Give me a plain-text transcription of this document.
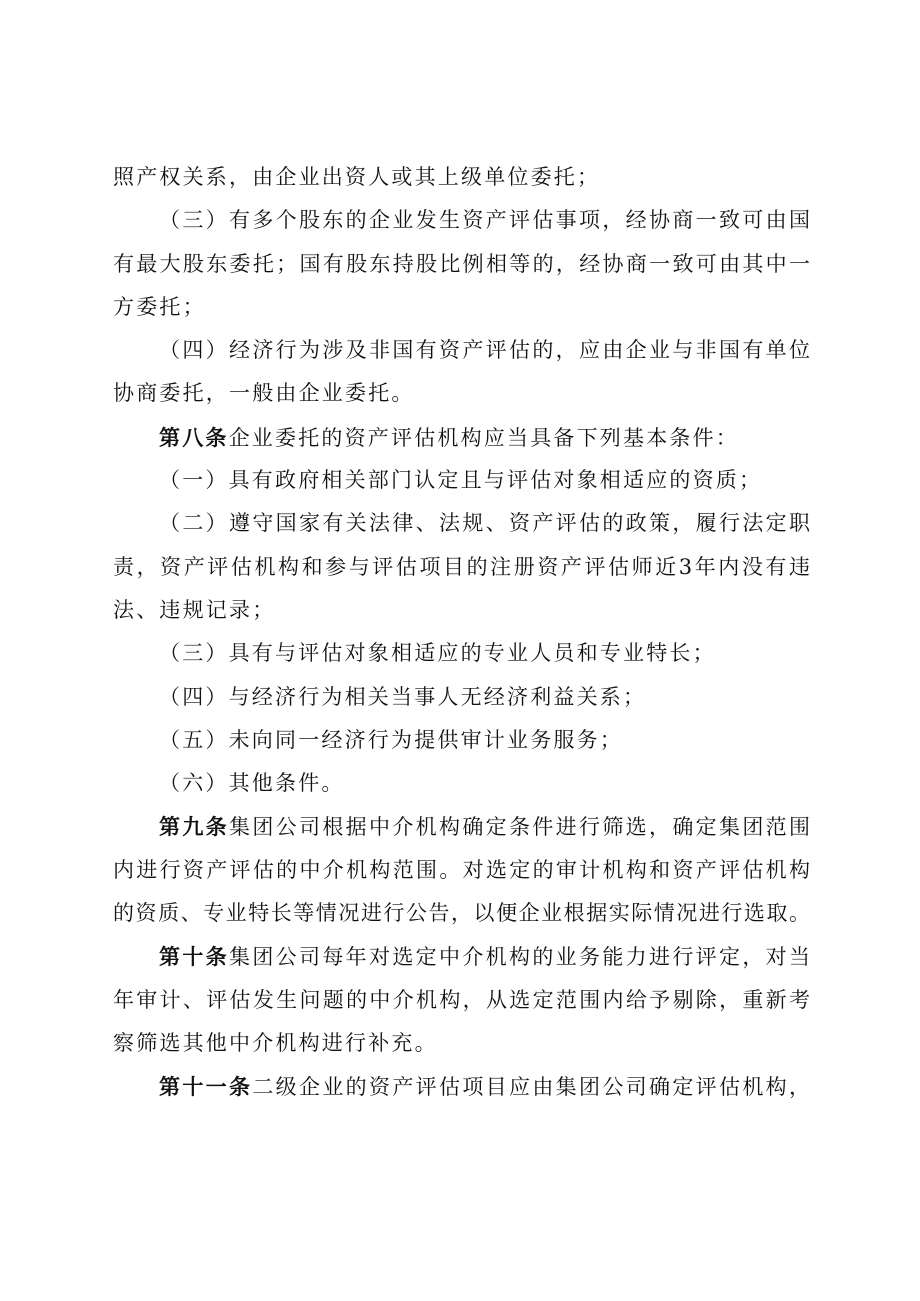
照产权关系，由企业出资人或其上级单位委托；
（三）有多个股东的企业发生资产评估事项，经协商一致可由国
有最大股东委托；国有股东持股比例相等的，经协商一致可由其中一
方委托；
（四）经济行为涉及非国有资产评估的，应由企业与非国有单位
协商委托，一般由企业委托。
第八条企业委托的资产评估机构应当具备下列基本条件：
（一）具有政府相关部门认定且与评估对象相适应的资质；
（二）遵守国家有关法律、法规、资产评估的政策，履行法定职
责，资产评估机构和参与评估项目的注册资产评估师近3年内没有违
法、违规记录；
（三）具有与评估对象相适应的专业人员和专业特长；
（四）与经济行为相关当事人无经济利益关系；
（五）未向同一经济行为提供审计业务服务；
（六）其他条件。
第九条集团公司根据中介机构确定条件进行筛选，确定集团范围
内进行资产评估的中介机构范围。对选定的审计机构和资产评估机构
的资质、专业特长等情况进行公告，以便企业根据实际情况进行选取。
第十条集团公司每年对选定中介机构的业务能力进行评定，对当
年审计、评估发生问题的中介机构，从选定范围内给予剔除，重新考
察筛选其他中介机构进行补充。
第十一条二级企业的资产评估项目应由集团公司确定评估机构，
